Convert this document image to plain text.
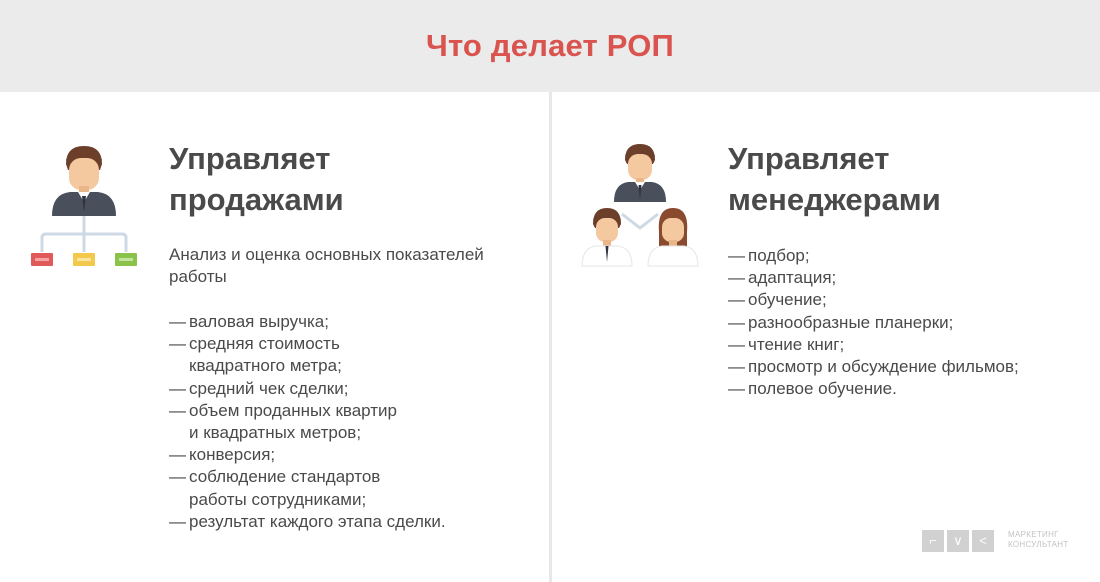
Что делает РОП

Управляет
продажами

Анализ и оценка основных показателей работы

— валовая выручка;
— средняя стоимость
квадратного метра;
— средний чек сделки;
— объем проданных квартир
и квадратных метров;
— конверсия;
— соблюдение стандартов
работы сотрудниками;
— результат каждого этапа сделки.

Управляет
менеджерами

— подбор;
— адаптация;
— обучение;
— разнообразные планерки;
— чтение книг;
— просмотр и обсуждение фильмов;
— полевое обучение.
⌐	∨	<	МАРКЕТИНГ
КОНСУЛЬТАНТ
